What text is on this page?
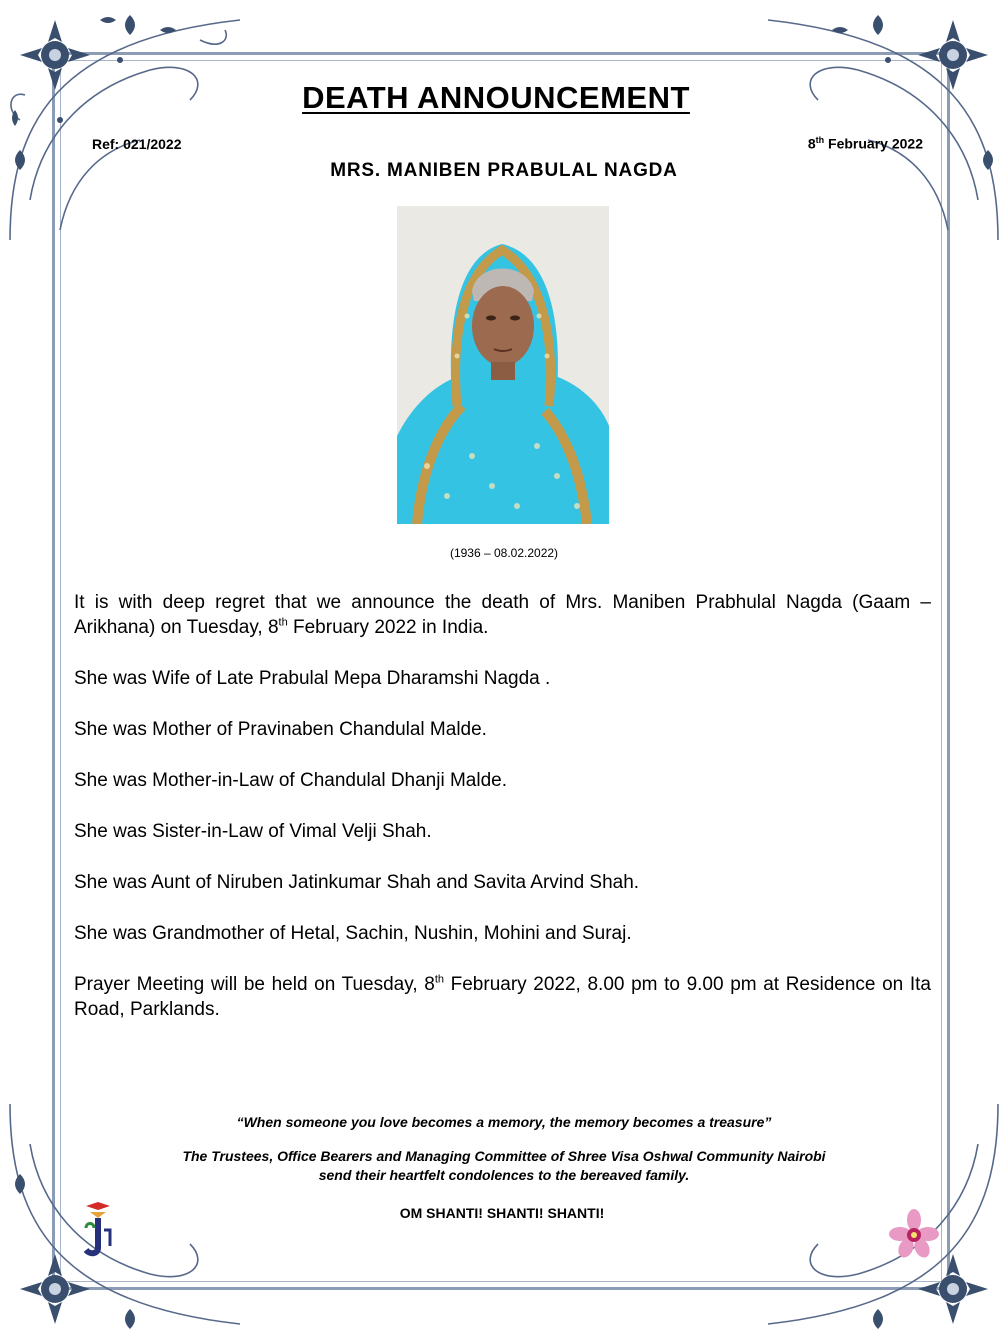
DEATH ANNOUNCEMENT
Ref: 021/2022	8th February 2022
MRS. MANIBEN PRABULAL NAGDA
(1936 – 08.02.2022)

It is with deep regret that we announce the death of Mrs. Maniben Prabhulal Nagda (Gaam – Arikhana) on Tuesday, 8th February 2022 in India.

She was Wife of Late Prabulal Mepa Dharamshi Nagda .

She was Mother of Pravinaben Chandulal Malde.

She was Mother-in-Law of Chandulal Dhanji Malde.

She was Sister-in-Law of Vimal Velji Shah.

She was Aunt of Niruben Jatinkumar Shah and Savita Arvind Shah.

She was Grandmother of Hetal, Sachin, Nushin, Mohini and Suraj.

Prayer Meeting will be held on Tuesday, 8th February 2022, 8.00 pm to 9.00 pm at Residence on Ita Road, Parklands.

“When someone you love becomes a memory, the memory becomes a treasure”
The Trustees, Office Bearers and Managing Committee of Shree Visa Oshwal Community Nairobi
send their heartfelt condolences to the bereaved family.
OM SHANTI! SHANTI! SHANTI!
